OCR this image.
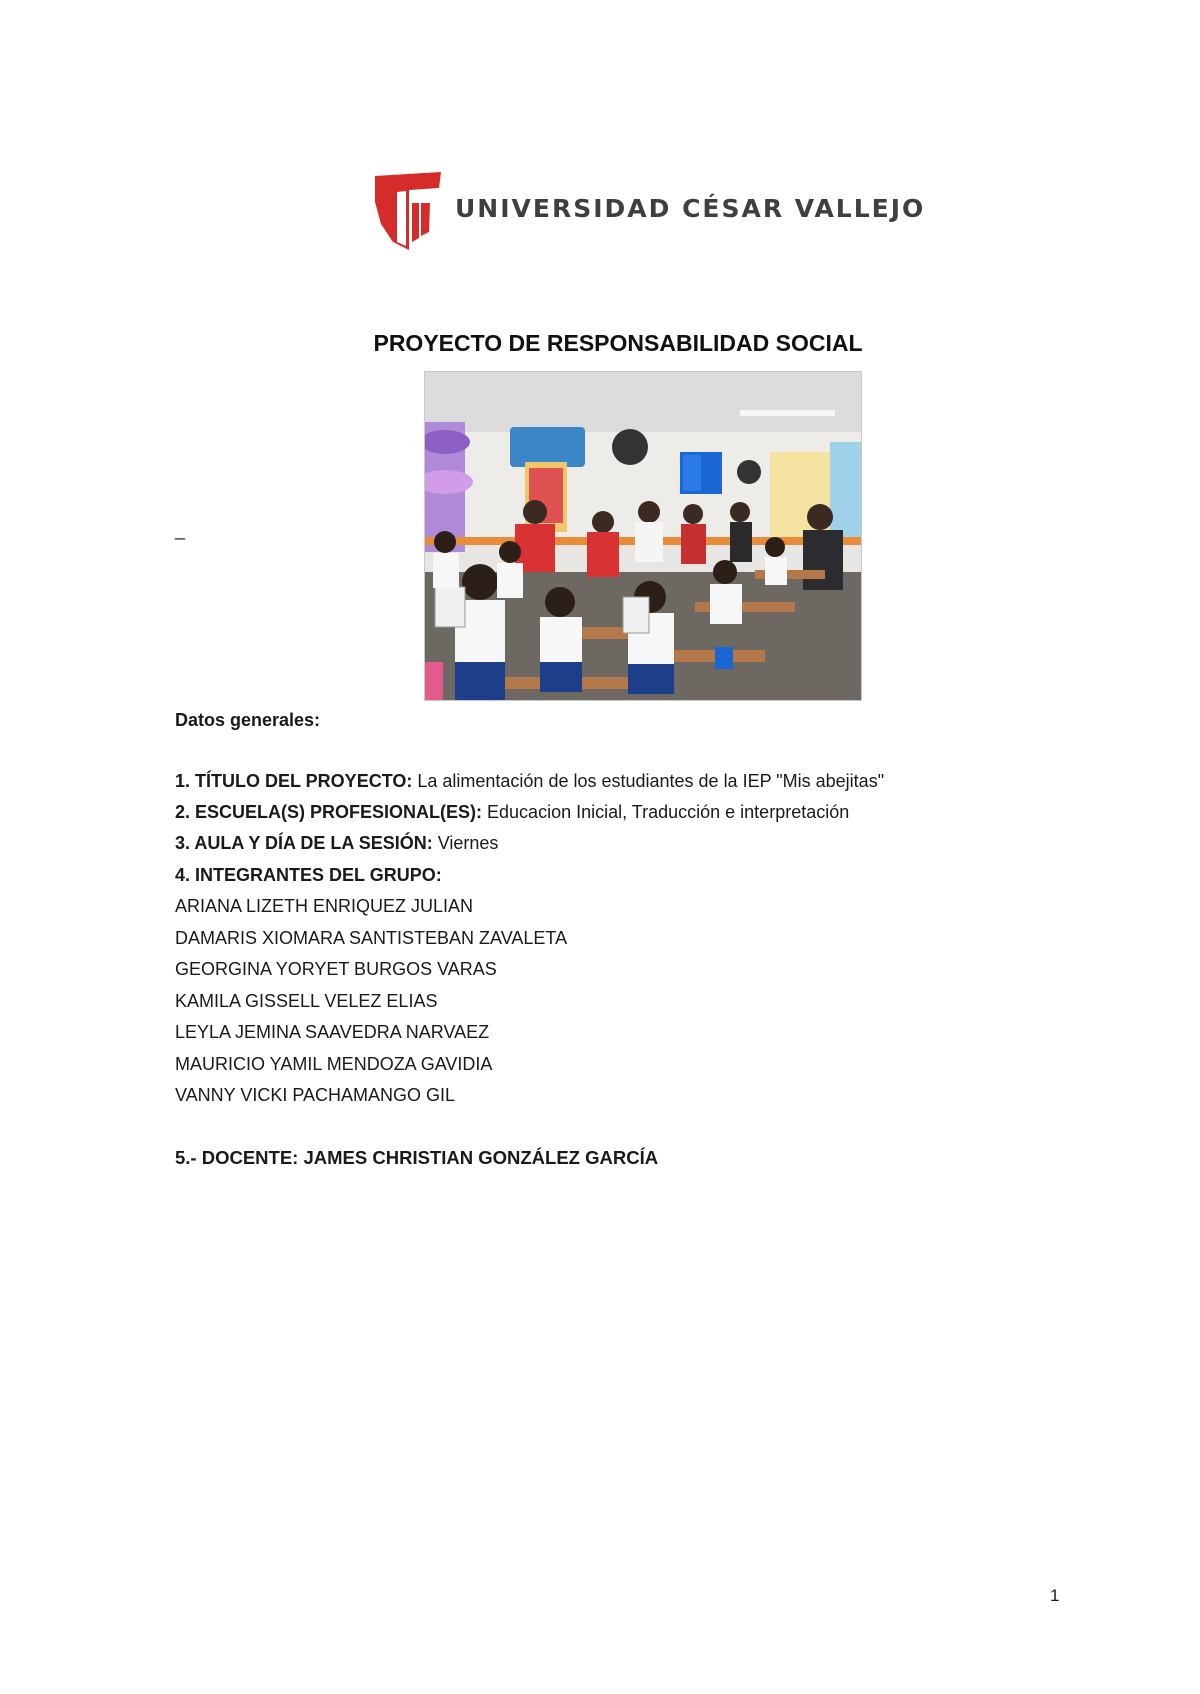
UNIVERSIDAD CÉSAR VALLEJO
PROYECTO DE RESPONSABILIDAD SOCIAL
_
Datos generales:
1. TÍTULO DEL PROYECTO: La alimentación de los estudiantes de la IEP "Mis abejitas"
2. ESCUELA(S) PROFESIONAL(ES): Educacion Inicial, Traducción e interpretación
3. AULA Y DÍA DE LA SESIÓN: Viernes
4. INTEGRANTES DEL GRUPO:
ARIANA LIZETH ENRIQUEZ JULIAN
DAMARIS XIOMARA SANTISTEBAN ZAVALETA
GEORGINA YORYET BURGOS VARAS
KAMILA GISSELL VELEZ ELIAS
LEYLA JEMINA SAAVEDRA NARVAEZ
MAURICIO YAMIL MENDOZA GAVIDIA
VANNY VICKI PACHAMANGO GIL
5.- DOCENTE: JAMES CHRISTIAN GONZÁLEZ GARCÍA
1
